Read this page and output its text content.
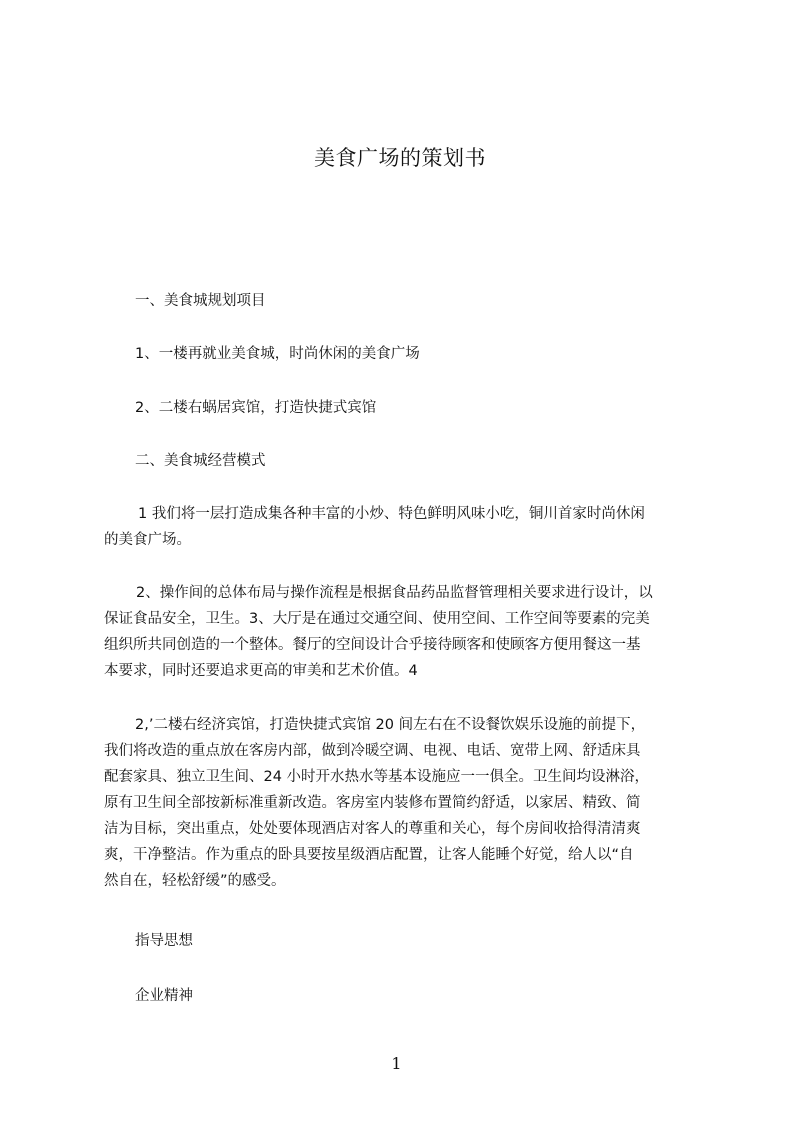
美食广场的策划书
一、美食城规划项目
1、一楼再就业美食城，时尚休闲的美食广场
2、二楼右蜗居宾馆，打造快捷式宾馆
二、美食城经营模式
1 我们将一层打造成集各种丰富的小炒、特色鲜明风味小吃，铜川首家时尚休闲
的美食广场。
2、操作间的总体布局与操作流程是根据食品药品监督管理相关要求进行设计，以
保证食品安全，卫生。3、大厅是在通过交通空间、使用空间、工作空间等要素的完美
组织所共同创造的一个整体。餐厅的空间设计合乎接待顾客和使顾客方便用餐这一基
本要求，同时还要追求更高的审美和艺术价值。4
2,’二楼右经济宾馆，打造快捷式宾馆 20 间左右在不设餐饮娱乐设施的前提下，
我们将改造的重点放在客房内部，做到冷暖空调、电视、电话、宽带上网、舒适床具
配套家具、独立卫生间、24 小时开水热水等基本设施应一一俱全。卫生间均设淋浴，
原有卫生间全部按新标准重新改造。客房室内装修布置简约舒适，以家居、精致、简
洁为目标，突出重点，处处要体现酒店对客人的尊重和关心，每个房间收拾得清清爽
爽，干净整洁。作为重点的卧具要按星级酒店配置，让客人能睡个好觉，给人以“自
然自在，轻松舒缓”的感受。
指导思想
企业精神
1
